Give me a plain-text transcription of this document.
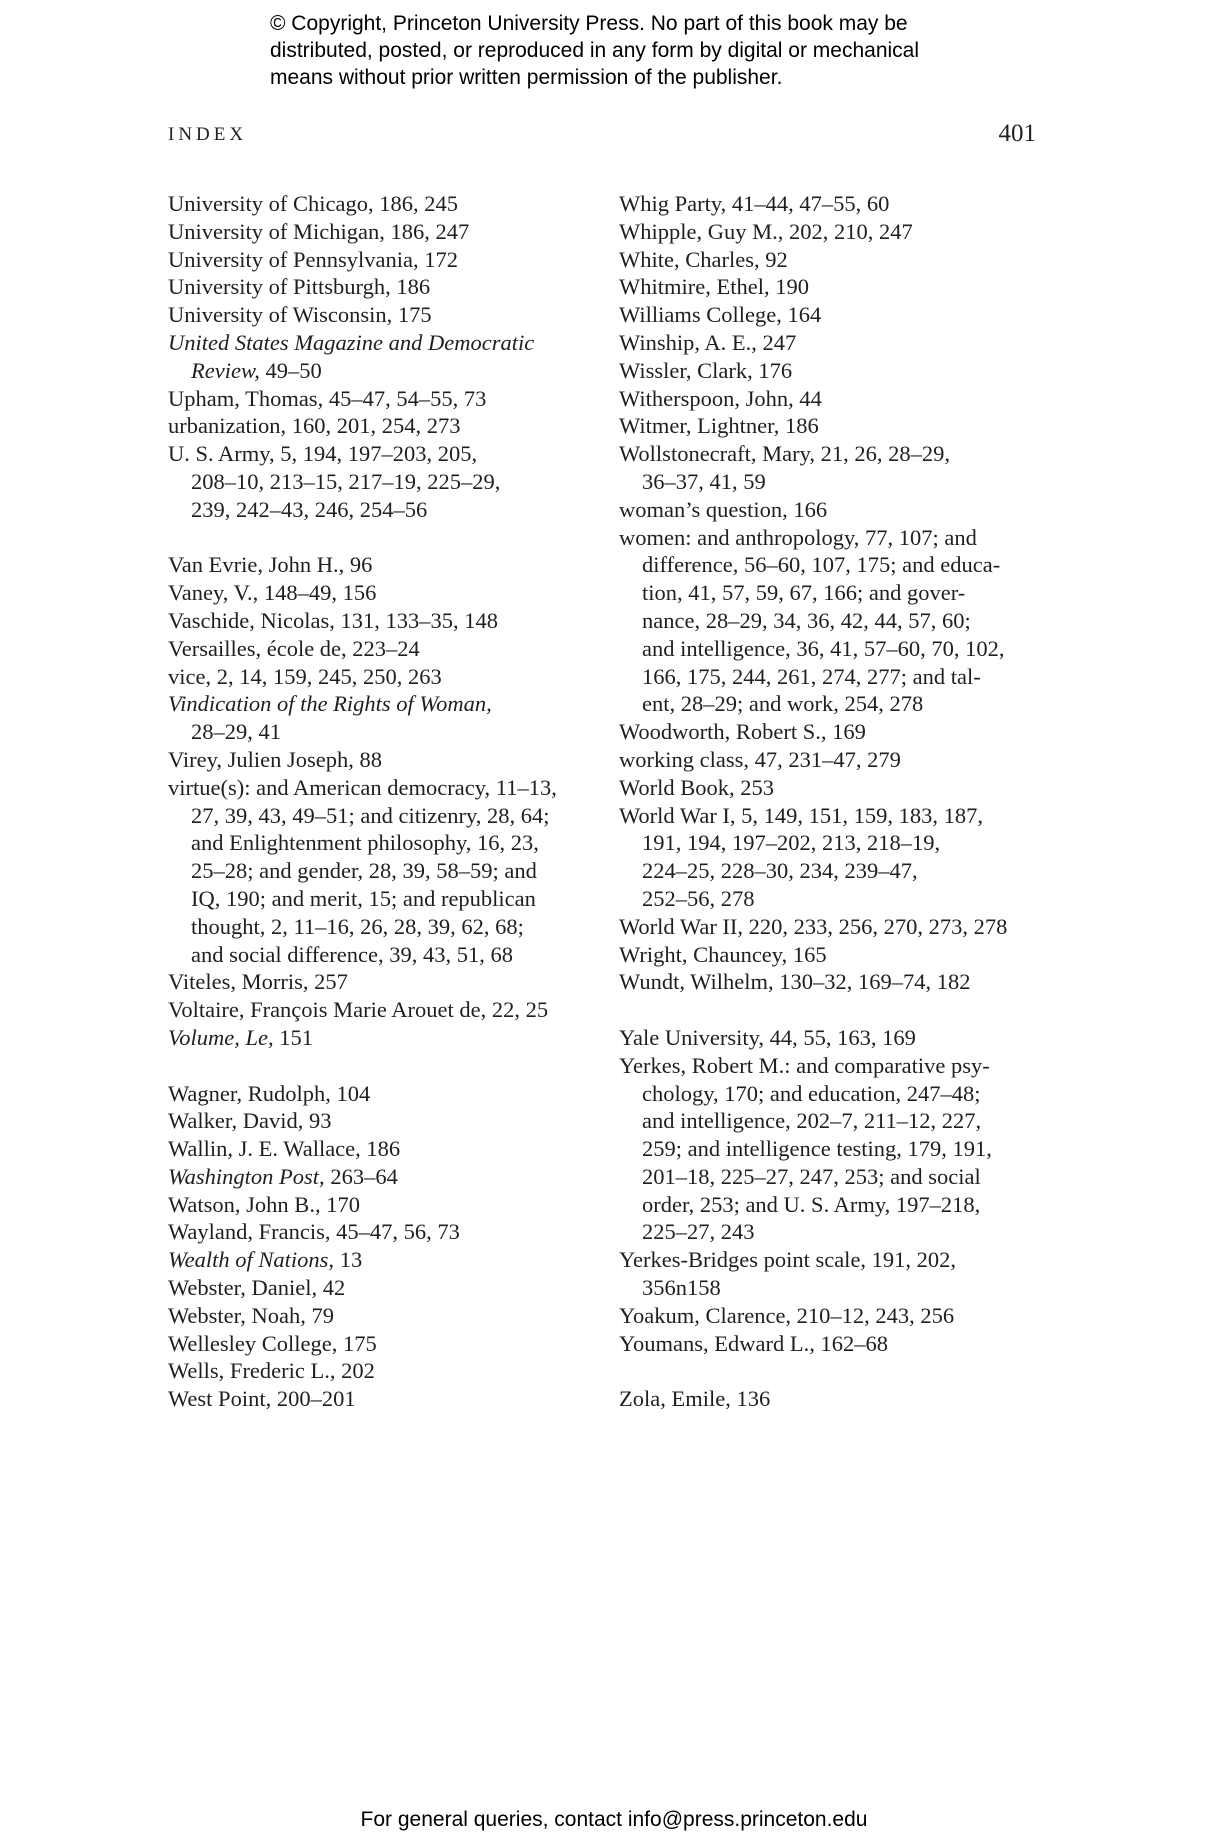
© Copyright, Princeton University Press. No part of this book may be
distributed, posted, or reproduced in any form by digital or mechanical
means without prior written permission of the publisher.
INDEX	401
University of Chicago, 186, 245
University of Michigan, 186, 247
University of Pennsylvania, 172
University of Pittsburgh, 186
University of Wisconsin, 175
United States Magazine and Democratic
Review, 49–50
Upham, Thomas, 45–47, 54–55, 73
urbanization, 160, 201, 254, 273
U. S. Army, 5, 194, 197–203, 205,
208–10, 213–15, 217–19, 225–29,
239, 242–43, 246, 254–56
Van Evrie, John H., 96
Vaney, V., 148–49, 156
Vaschide, Nicolas, 131, 133–35, 148
Versailles, école de, 223–24
vice, 2, 14, 159, 245, 250, 263
Vindication of the Rights of Woman,
28–29, 41
Virey, Julien Joseph, 88
virtue(s): and American democracy, 11–13,
27, 39, 43, 49–51; and citizenry, 28, 64;
and Enlightenment philosophy, 16, 23,
25–28; and gender, 28, 39, 58–59; and
IQ, 190; and merit, 15; and republican
thought, 2, 11–16, 26, 28, 39, 62, 68;
and social difference, 39, 43, 51, 68
Viteles, Morris, 257
Voltaire, François Marie Arouet de, 22, 25
Volume, Le, 151
Wagner, Rudolph, 104
Walker, David, 93
Wallin, J. E. Wallace, 186
Washington Post, 263–64
Watson, John B., 170
Wayland, Francis, 45–47, 56, 73
Wealth of Nations, 13
Webster, Daniel, 42
Webster, Noah, 79
Wellesley College, 175
Wells, Frederic L., 202
West Point, 200–201
Whig Party, 41–44, 47–55, 60
Whipple, Guy M., 202, 210, 247
White, Charles, 92
Whitmire, Ethel, 190
Williams College, 164
Winship, A. E., 247
Wissler, Clark, 176
Witherspoon, John, 44
Witmer, Lightner, 186
Wollstonecraft, Mary, 21, 26, 28–29,
36–37, 41, 59
woman’s question, 166
women: and anthropology, 77, 107; and
difference, 56–60, 107, 175; and educa-
tion, 41, 57, 59, 67, 166; and gover-
nance, 28–29, 34, 36, 42, 44, 57, 60;
and intelligence, 36, 41, 57–60, 70, 102,
166, 175, 244, 261, 274, 277; and tal-
ent, 28–29; and work, 254, 278
Woodworth, Robert S., 169
working class, 47, 231–47, 279
World Book, 253
World War I, 5, 149, 151, 159, 183, 187,
191, 194, 197–202, 213, 218–19,
224–25, 228–30, 234, 239–47,
252–56, 278
World War II, 220, 233, 256, 270, 273, 278
Wright, Chauncey, 165
Wundt, Wilhelm, 130–32, 169–74, 182
Yale University, 44, 55, 163, 169
Yerkes, Robert M.: and comparative psy-
chology, 170; and education, 247–48;
and intelligence, 202–7, 211–12, 227,
259; and intelligence testing, 179, 191,
201–18, 225–27, 247, 253; and social
order, 253; and U. S. Army, 197–218,
225–27, 243
Yerkes-Bridges point scale, 191, 202,
356n158
Yoakum, Clarence, 210–12, 243, 256
Youmans, Edward L., 162–68
Zola, Emile, 136
For general queries, contact info@press.princeton.edu
